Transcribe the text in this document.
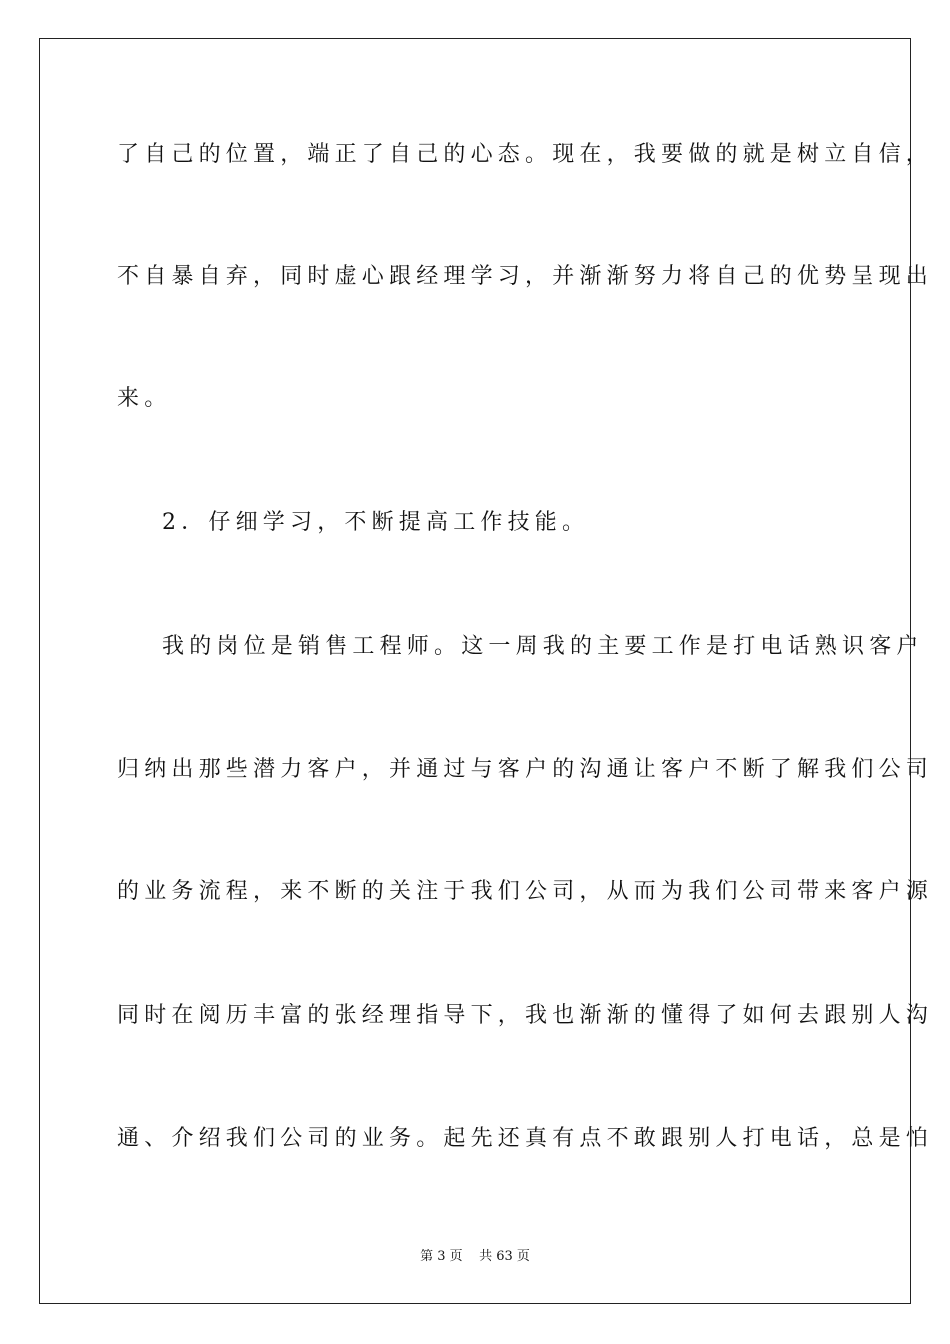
了自己的位置，端正了自己的心态。现在，我要做的就是树立自信，
不自暴自弃，同时虚心跟经理学习，并渐渐努力将自己的优势呈现出
来。
2．仔细学习，不断提高工作技能。
我的岗位是销售工程师。这一周我的主要工作是打电话熟识客户
归纳出那些潜力客户，并通过与客户的沟通让客户不断了解我们公司
的业务流程，来不断的关注于我们公司，从而为我们公司带来客户源
同时在阅历丰富的张经理指导下，我也渐渐的懂得了如何去跟别人沟
通、介绍我们公司的业务。起先还真有点不敢跟别人打电话，总是怕
第 3 页    共 63 页
